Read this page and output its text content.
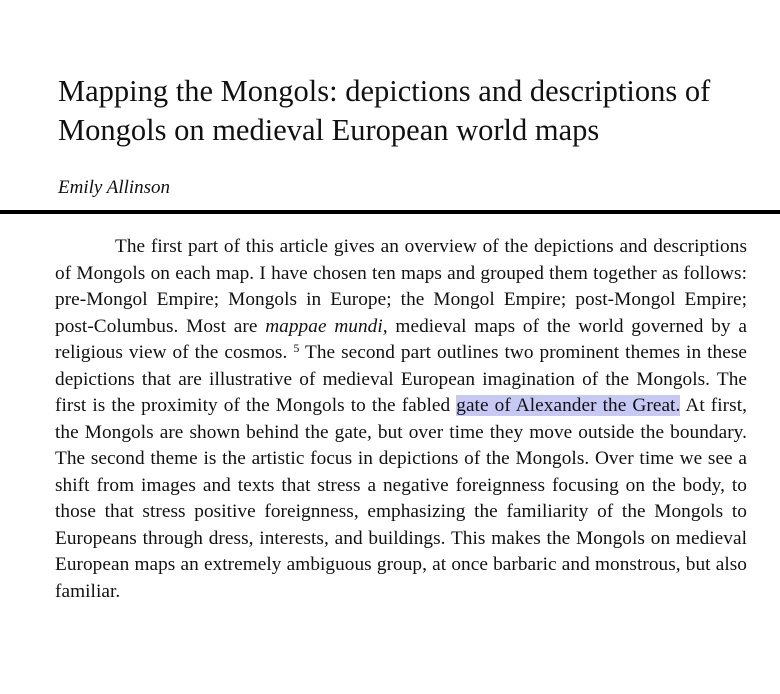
Mapping the Mongols: depictions and descriptions of Mongols on medieval European world maps

Emily Allinson

The first part of this article gives an overview of the depictions and descriptions of Mongols on each map. I have chosen ten maps and grouped them together as follows: pre-Mongol Empire; Mongols in Europe; the Mongol Empire; post-Mongol Empire; post-Columbus. Most are mappae mundi, medieval maps of the world governed by a religious view of the cosmos. $^5$ The second part outlines two prominent themes in these depictions that are illustrative of medieval European imagination of the Mongols. The first is the proximity of the Mongols to the fabled gate of Alexander the Great. At first, the Mongols are shown behind the gate, but over time they move outside the boundary. The second theme is the artistic focus in depictions of the Mongols. Over time we see a shift from images and texts that stress a negative foreignness focusing on the body, to those that stress positive foreignness, emphasizing the familiarity of the Mongols to Europeans through dress, interests, and buildings. This makes the Mongols on medieval European maps an extremely ambiguous group, at once barbaric and monstrous, but also familiar.
